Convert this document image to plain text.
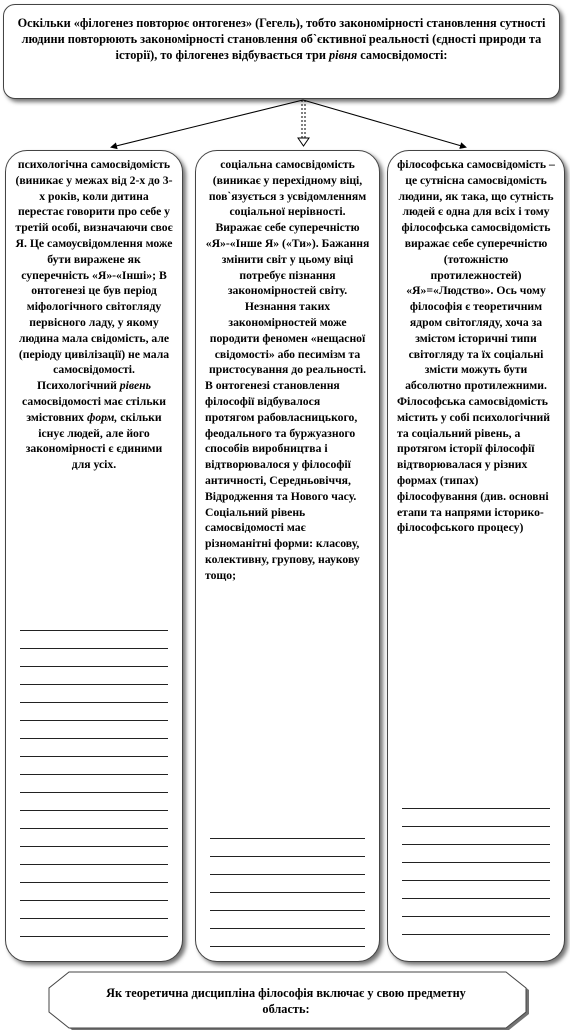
Оскільки «філогенез повторює онтогенез» (Гегель), тобто закономірності становлення сутності людини повторюють закономірності становлення об`єктивної реальності (єдності природи та історії), то філогенез відбувається три рівня самосвідомості:
психологічна самосвідомість (виникає у межах від 2-х до 3-х років, коли дитина перестає говорити про себе у третій особі, визначаючи своє Я. Це самоусвідомлення може бути виражене як суперечність «Я»-«Інші»; В онтогенезі це був період міфологічного світогляду первісного ладу, у якому людина мала свідомість, але (періоду цивілізації) не мала самосвідомості. Психологічний рівень самосвідомості має стільки змістовних форм, скільки існує людей, але його закономірності є єдиними для усіх.
соціальна самосвідомість (виникає у перехідному віці, пов`язується з усвідомленням соціальної нерівності. Виражає себе суперечністю «Я»-«Інше Я» («Ти»). Бажання змінити світ у цьому віці потребує пізнання закономірностей світу. Незнання таких закономірностей може породити феномен «нещасної свідомості» або песимізм та пристосування до реальності.
В онтогенезі становлення філософії відбувалося протягом рабовласницького, феодального та буржуазного способів виробництва і відтворювалося у філософії античності, Середньовіччя, Відродження та Нового часу. Соціальний рівень самосвідомості має різноманітні форми: класову, колективну, групову, наукову тощо;
філософська самосвідомість – це сутнісна самосвідомість людини, як така, що сутність людей є одна для всіх і тому філософська самосвідомість виражає себе суперечністю (тотожністю протилежностей) «Я»=«Людство». Ось чому філософія є теоретичним ядром світогляду, хоча за змістом історичні типи світогляду та їх соціальні змісти можуть бути абсолютно протилежними.
Філософська самосвідомість містить у собі психологічний та соціальний рівень, а протягом історії філософії відтворювалася у різних формах (типах) філософування (див. основні етапи та напрями історико-філософського процесу)
Як теоретична дисципліна філософія включає у свою предметну область:
